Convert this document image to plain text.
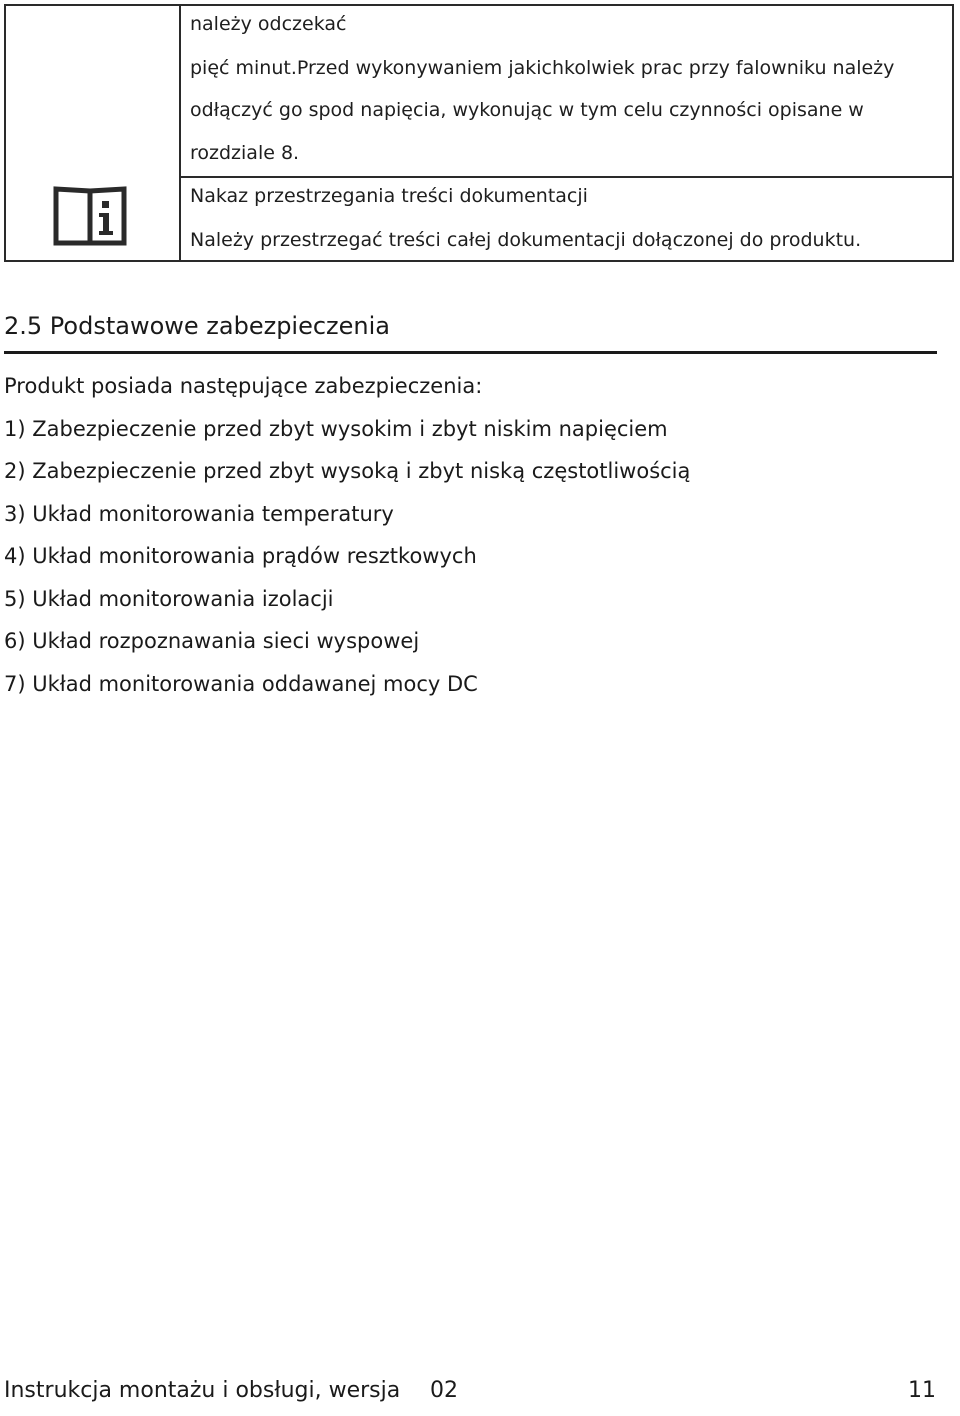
należy odczekać
pięć minut.Przed wykonywaniem jakichkolwiek prac przy falowniku należy
odłączyć go spod napięcia, wykonując w tym celu czynności opisane w
rozdziale 8.
Nakaz przestrzegania treści dokumentacji
Należy przestrzegać treści całej dokumentacji dołączonej do produktu.
2.5 Podstawowe zabezpieczenia
Produkt posiada następujące zabezpieczenia:
1) Zabezpieczenie przed zbyt wysokim i zbyt niskim napięciem
2) Zabezpieczenie przed zbyt wysoką i zbyt niską częstotliwością
3) Układ monitorowania temperatury
4) Układ monitorowania prądów resztkowych
5) Układ monitorowania izolacji
6) Układ rozpoznawania sieci wyspowej
7) Układ monitorowania oddawanej mocy DC
Instrukcja montażu i obsługi, wersja 02	11
